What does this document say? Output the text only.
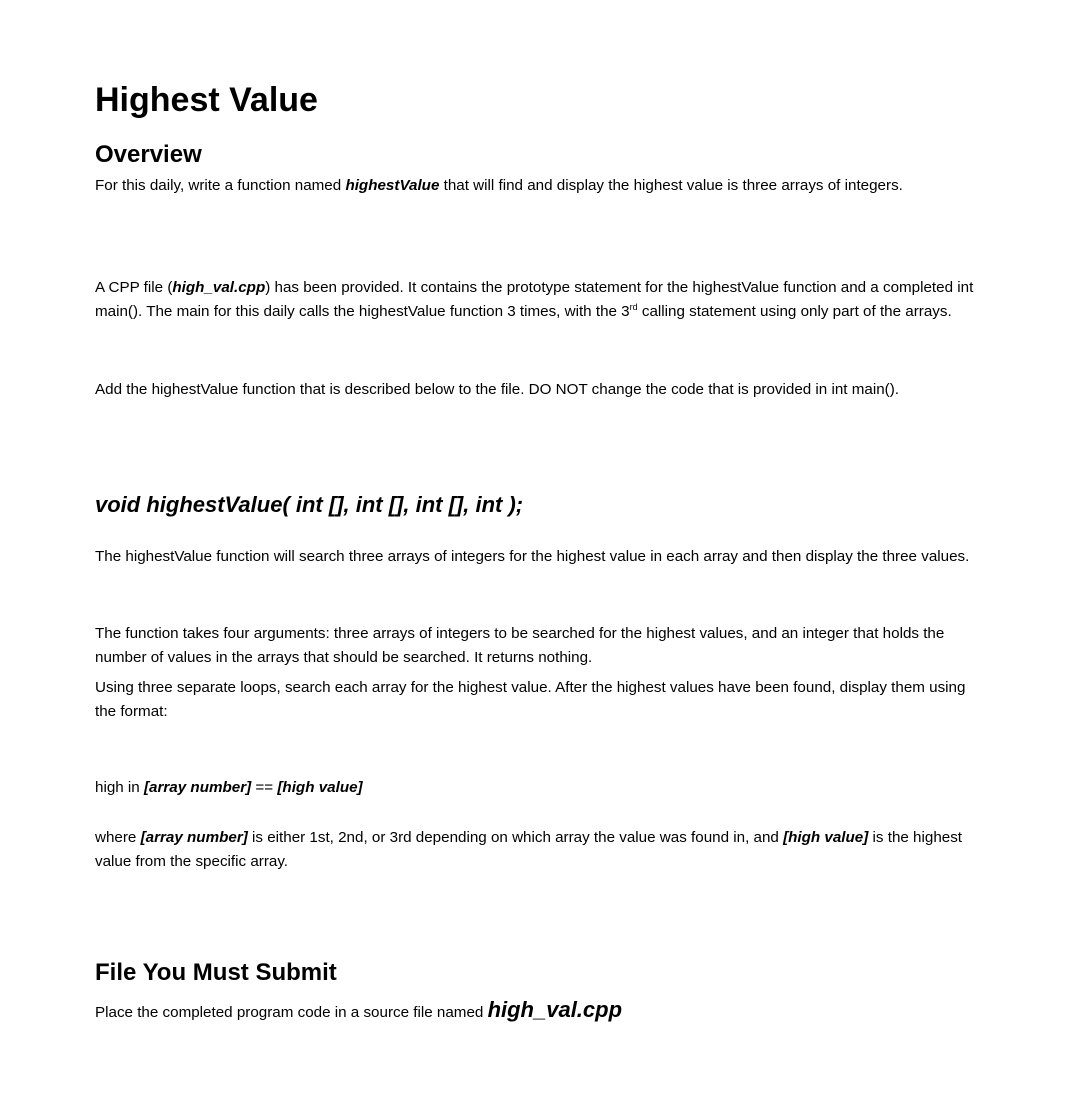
Highest Value
Overview

For this daily, write a function named highestValue that will find and display the highest value is three arrays of integers.

A CPP file (high_val.cpp) has been provided. It contains the prototype statement for the highestValue function and a completed int main(). The main for this daily calls the highestValue function 3 times, with the 3rd calling statement using only part of the arrays.

Add the highestValue function that is described below to the file. DO NOT change the code that is provided in int main().

void highestValue( int [], int [], int [], int );

The highestValue function will search three arrays of integers for the highest value in each array and then display the three values.

The function takes four arguments: three arrays of integers to be searched for the highest values, and an integer that holds the number of values in the arrays that should be searched. It returns nothing.

Using three separate loops, search each array for the highest value. After the highest values have been found, display them using the format:

high in [array number] == [high value]

where [array number] is either 1st, 2nd, or 3rd depending on which array the value was found in, and [high value] is the highest value from the specific array.

File You Must Submit

Place the completed program code in a source file named high_val.cpp
